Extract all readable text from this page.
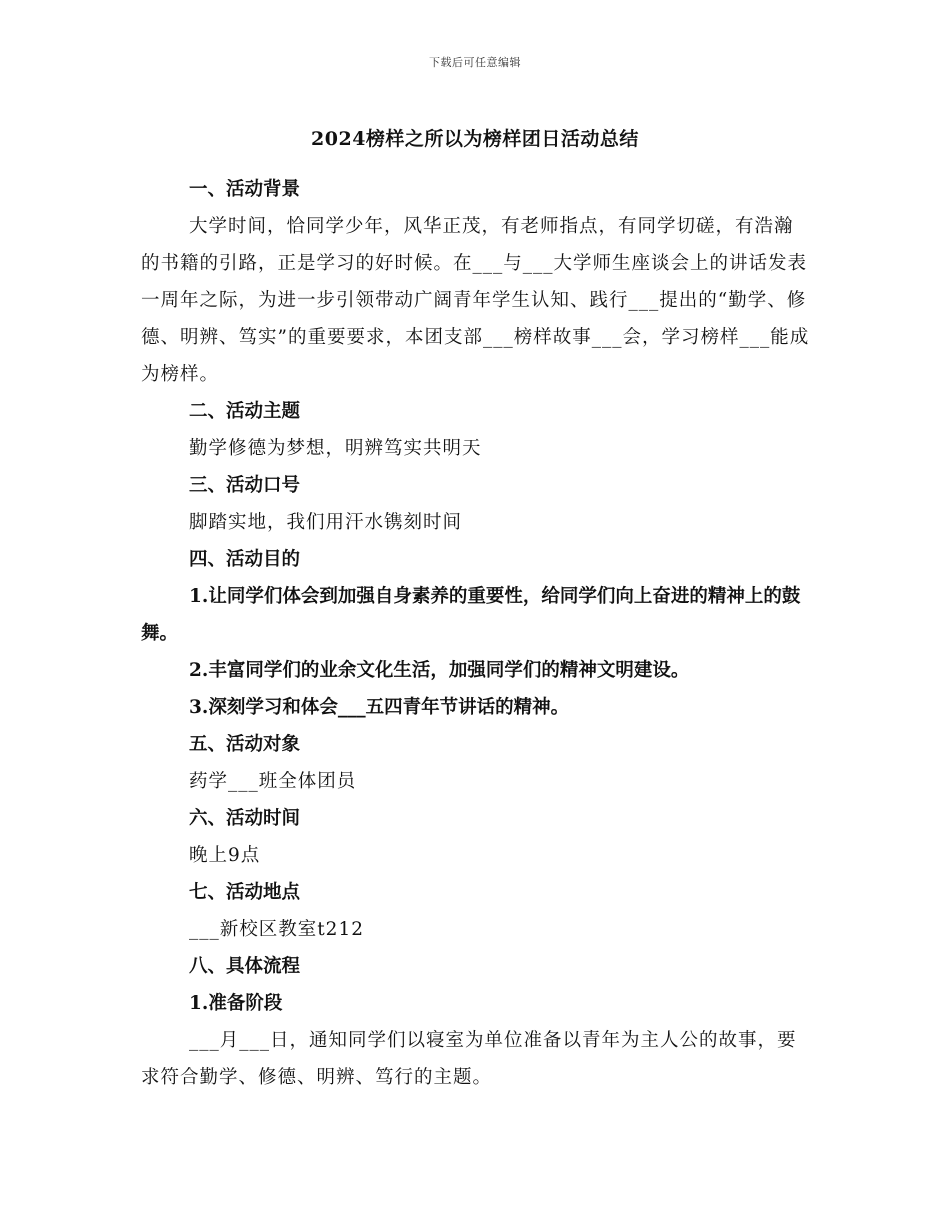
下载后可任意编辑
2024榜样之所以为榜样团日活动总结

一、活动背景

大学时间，恰同学少年，风华正茂，有老师指点，有同学切磋，有浩瀚的书籍的引路，正是学习的好时候。在___与___大学师生座谈会上的讲话发表一周年之际，为进一步引领带动广阔青年学生认知、践行___提出的“勤学、修德、明辨、笃实”的重要要求，本团支部___榜样故事___会，学习榜样___能成为榜样。

二、活动主题

勤学修德为梦想，明辨笃实共明天

三、活动口号

脚踏实地，我们用汗水镌刻时间

四、活动目的

1.让同学们体会到加强自身素养的重要性，给同学们向上奋进的精神上的鼓舞。

2.丰富同学们的业余文化生活，加强同学们的精神文明建设。

3.深刻学习和体会___五四青年节讲话的精神。

五、活动对象

药学___班全体团员

六、活动时间

晚上9点

七、活动地点

___新校区教室t212

八、具体流程

1.准备阶段

___月___日，通知同学们以寝室为单位准备以青年为主人公的故事，要求符合勤学、修德、明辨、笃行的主题。
